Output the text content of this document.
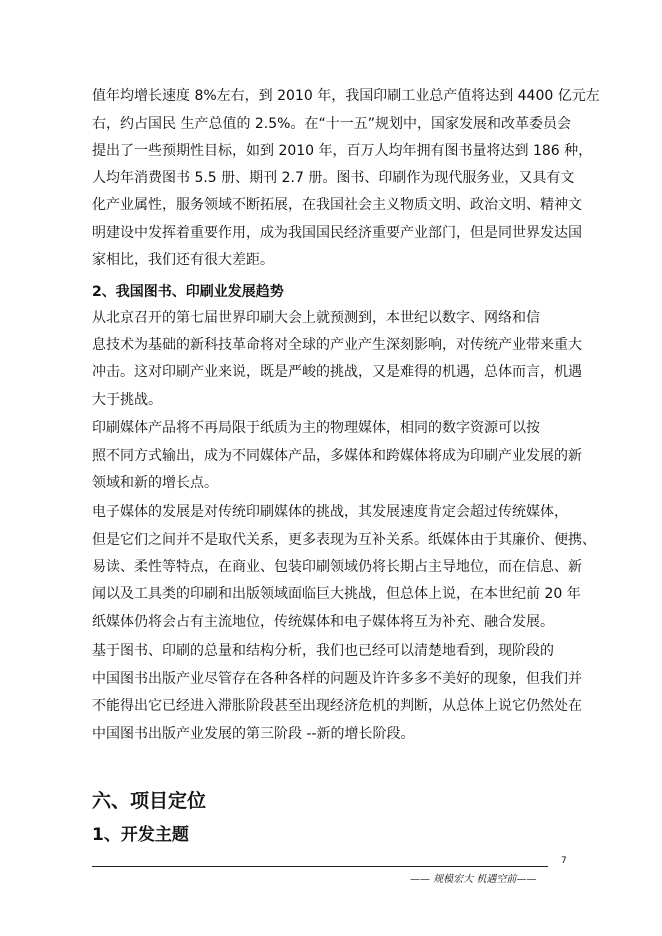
值年均增长速度 8%左右，到 2010 年，我国印刷工业总产值将达到 4400 亿元左
右，约占国民 生产总值的 2.5%。在“十一五”规划中，国家发展和改革委员会
提出了一些预期性目标，如到 2010 年，百万人均年拥有图书量将达到 186 种，
人均年消费图书 5.5 册、期刊 2.7 册。图书、印刷作为现代服务业，又具有文
化产业属性，服务领域不断拓展，在我国社会主义物质文明、政治文明、精神文
明建设中发挥着重要作用，成为我国国民经济重要产业部门，但是同世界发达国
家相比，我们还有很大差距。
2、我国图书、印刷业发展趋势
从北京召开的第七届世界印刷大会上就预测到，本世纪以数字、网络和信
息技术为基础的新科技革命将对全球的产业产生深刻影响，对传统产业带来重大
冲击。这对印刷产业来说，既是严峻的挑战，又是难得的机遇，总体而言，机遇
大于挑战。
印刷媒体产品将不再局限于纸质为主的物理媒体，相同的数字资源可以按
照不同方式输出，成为不同媒体产品，多媒体和跨媒体将成为印刷产业发展的新
领域和新的增长点。
电子媒体的发展是对传统印刷媒体的挑战，其发展速度肯定会超过传统媒体，
但是它们之间并不是取代关系，更多表现为互补关系。纸媒体由于其廉价、便携、
易读、柔性等特点，在商业、包装印刷领域仍将长期占主导地位，而在信息、新
闻以及工具类的印刷和出版领域面临巨大挑战，但总体上说，在本世纪前 20 年
纸媒体仍将会占有主流地位，传统媒体和电子媒体将互为补充、融合发展。
基于图书、印刷的总量和结构分析，我们也已经可以清楚地看到，现阶段的
中国图书出版产业尽管存在各种各样的问题及许许多多不美好的现象，但我们并
不能得出它已经进入滞胀阶段甚至出现经济危机的判断，从总体上说它仍然处在
中国图书出版产业发展的第三阶段 --新的增长阶段。
六、项目定位
1、开发主题
7
—— 规模宏大 机遇空前——
